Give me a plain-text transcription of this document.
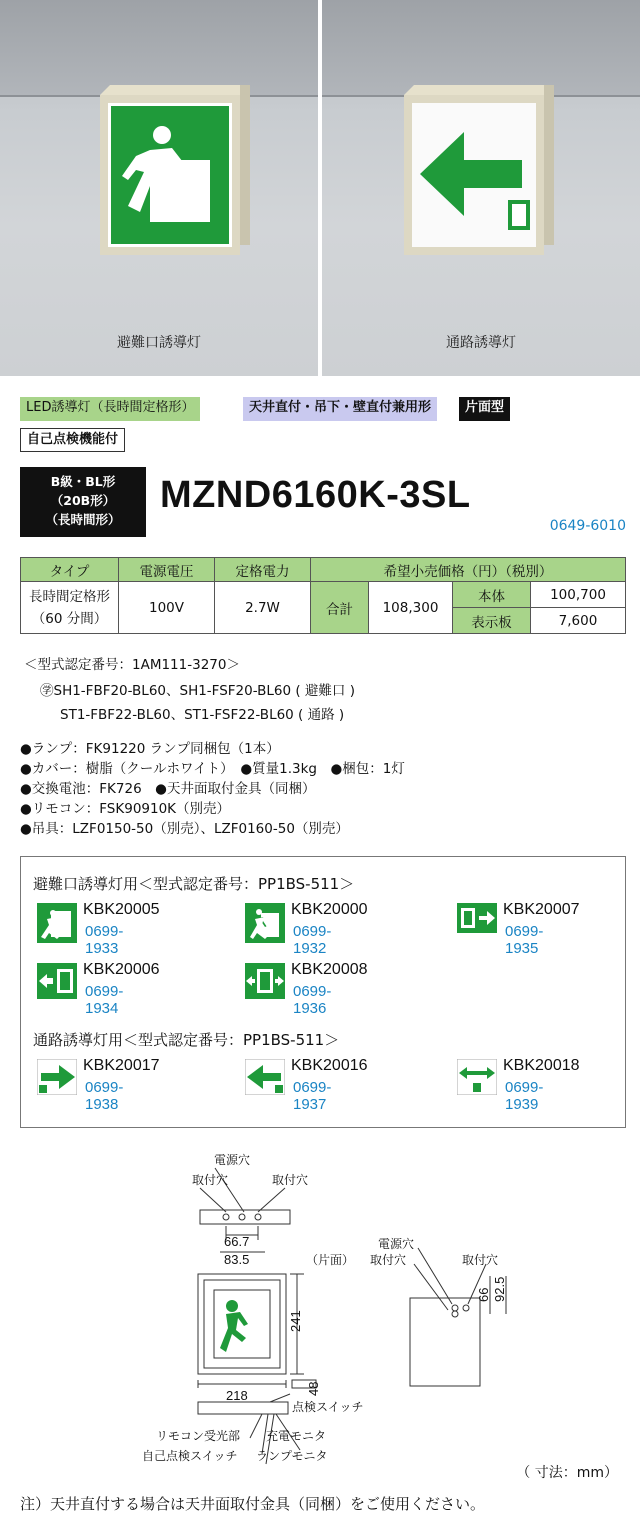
避難口誘導灯	通路誘導灯
LED誘導灯（長時間定格形）	天井直付・吊下・壁直付兼用形	片面型
自己点検機能付
B級・BL形
（20B形）
（長時間形）
MZND6160K-3SL
0649-6010
タイプ	電源電圧	定格電力	希望小売価格（円）（税別）			

長時間定格形
（60 分間）	100V	2.7W	合計	108,300	本体	100,700
					表示板	7,600
＜型式認定番号：1AM111-3270＞
㊫SH1-FBF20-BL60、SH1-FSF20-BL60 ( 避難口 )
ST1-FBF22-BL60、ST1-FSF22-BL60 ( 通路 )
●ランプ：FK91220 ランプ同梱包（1本）
●カバー：樹脂（クールホワイト）　●質量1.3kg　●梱包：1灯
●交換電池：FK726　●天井面取付金具（同梱）
●リモコン：FSK90910K（別売）
●吊具：LZF0150-50（別売）、LZF0160-50（別売）
避難口誘導灯用＜型式認定番号：PP1BS-511＞
KBK20005
0699-1933
KBK20000
0699-1932
KBK20007
0699-1935
KBK20006
0699-1934
KBK20008
0699-1936
通路誘導灯用＜型式認定番号：PP1BS-511＞
KBK20017
0699-1938
KBK20016
0699-1937
KBK20018
0699-1939
電源穴
取付穴	取付穴
66.7
83.5	（片面）
241
218	48
電源穴
取付穴	取付穴
66 92.5
点検スイッチ
リモコン受光部 充電モニタ
自己点検スイッチ ランプモニタ
（ 寸法：mm）
注）天井直付する場合は天井面取付金具（同梱）をご使用ください。
